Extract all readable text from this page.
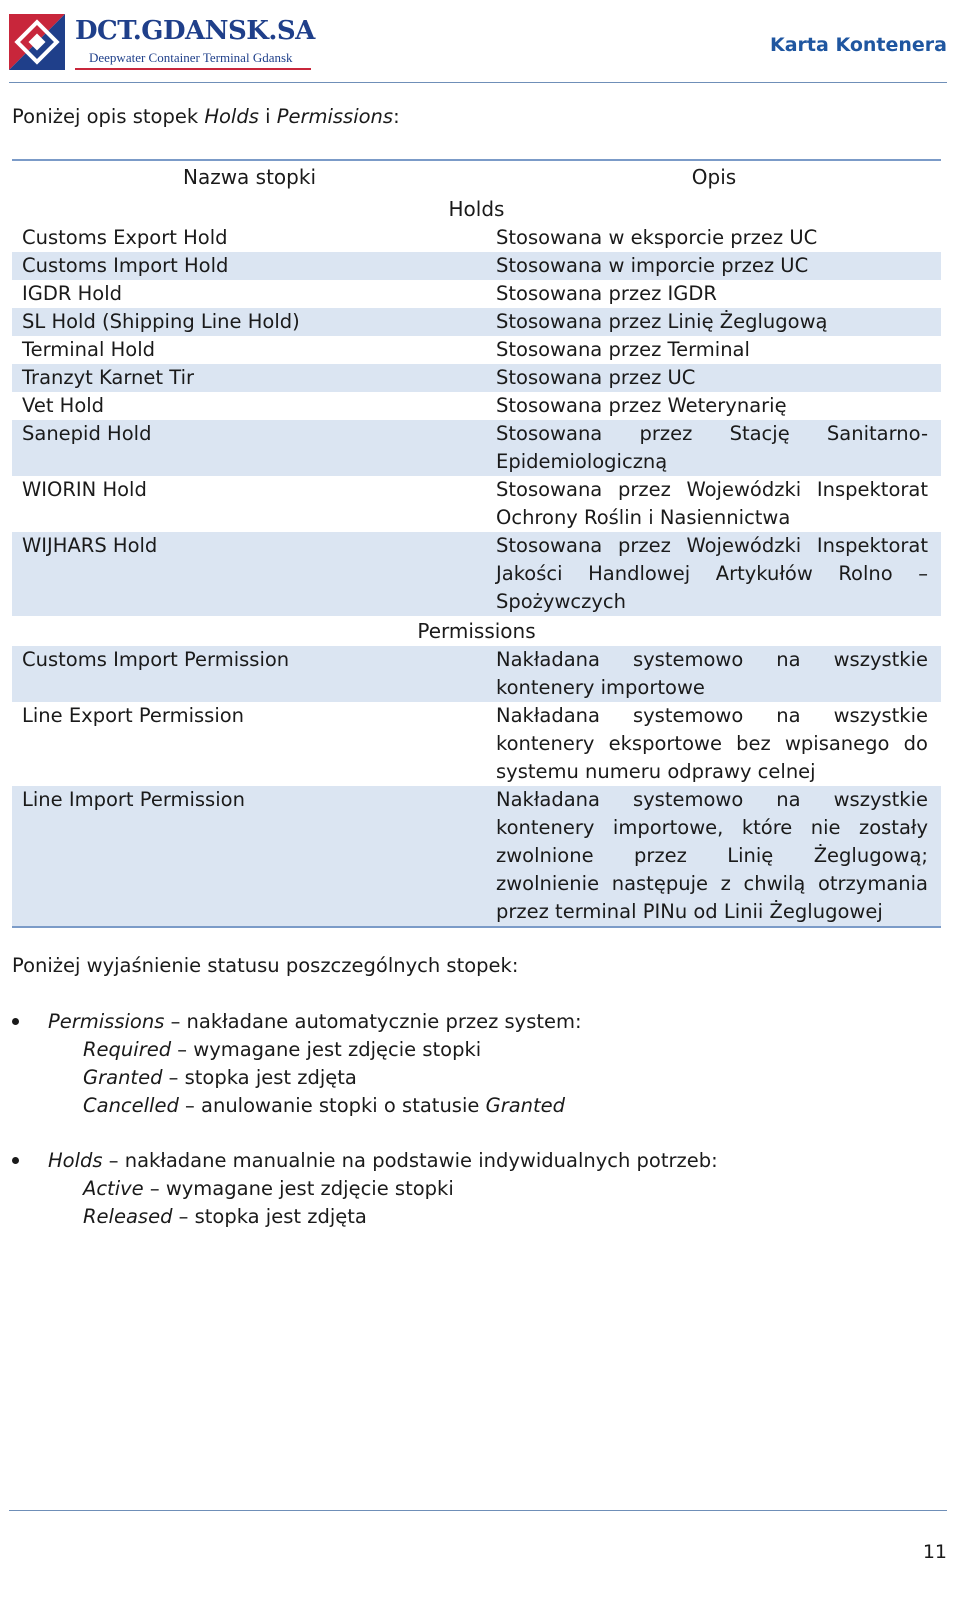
DCT.GDANSK.SA
Deepwater Container Terminal Gdansk
Karta Kontenera
Poniżej opis stopek Holds i Permissions:
Nazwa stopki	Opis
Holds
Customs Export Hold	Stosowana w eksporcie przez UC
Customs Import Hold	Stosowana w imporcie przez UC
IGDR Hold	Stosowana przez IGDR
SL Hold (Shipping Line Hold)	Stosowana przez Linię Żeglugową
Terminal Hold	Stosowana przez Terminal
Tranzyt Karnet Tir	Stosowana przez UC
Vet Hold	Stosowana przez Weterynarię
Sanepid Hold	Stosowana przez Stację Sanitarno-Epidemiologiczną
WIORIN Hold	Stosowana przez Wojewódzki Inspektorat Ochrony Roślin i Nasiennictwa
WIJHARS Hold	Stosowana przez Wojewódzki Inspektorat Jakości Handlowej Artykułów Rolno – Spożywczych
Permissions
Customs Import Permission	Nakładana systemowo na wszystkie kontenery importowe
Line Export Permission	Nakładana systemowo na wszystkie kontenery eksportowe bez wpisanego do systemu numeru odprawy celnej
Line Import Permission	Nakładana systemowo na wszystkie kontenery importowe, które nie zostały zwolnione przez Linię Żeglugową; zwolnienie następuje z chwilą otrzymania przez terminal PINu od Linii Żeglugowej
Poniżej wyjaśnienie statusu poszczególnych stopek:
Permissions – nakładane automatycznie przez system:
Required – wymagane jest zdjęcie stopki
Granted – stopka jest zdjęta
Cancelled – anulowanie stopki o statusie Granted
Holds – nakładane manualnie na podstawie indywidualnych potrzeb:
Active – wymagane jest zdjęcie stopki
Released – stopka jest zdjęta
11
